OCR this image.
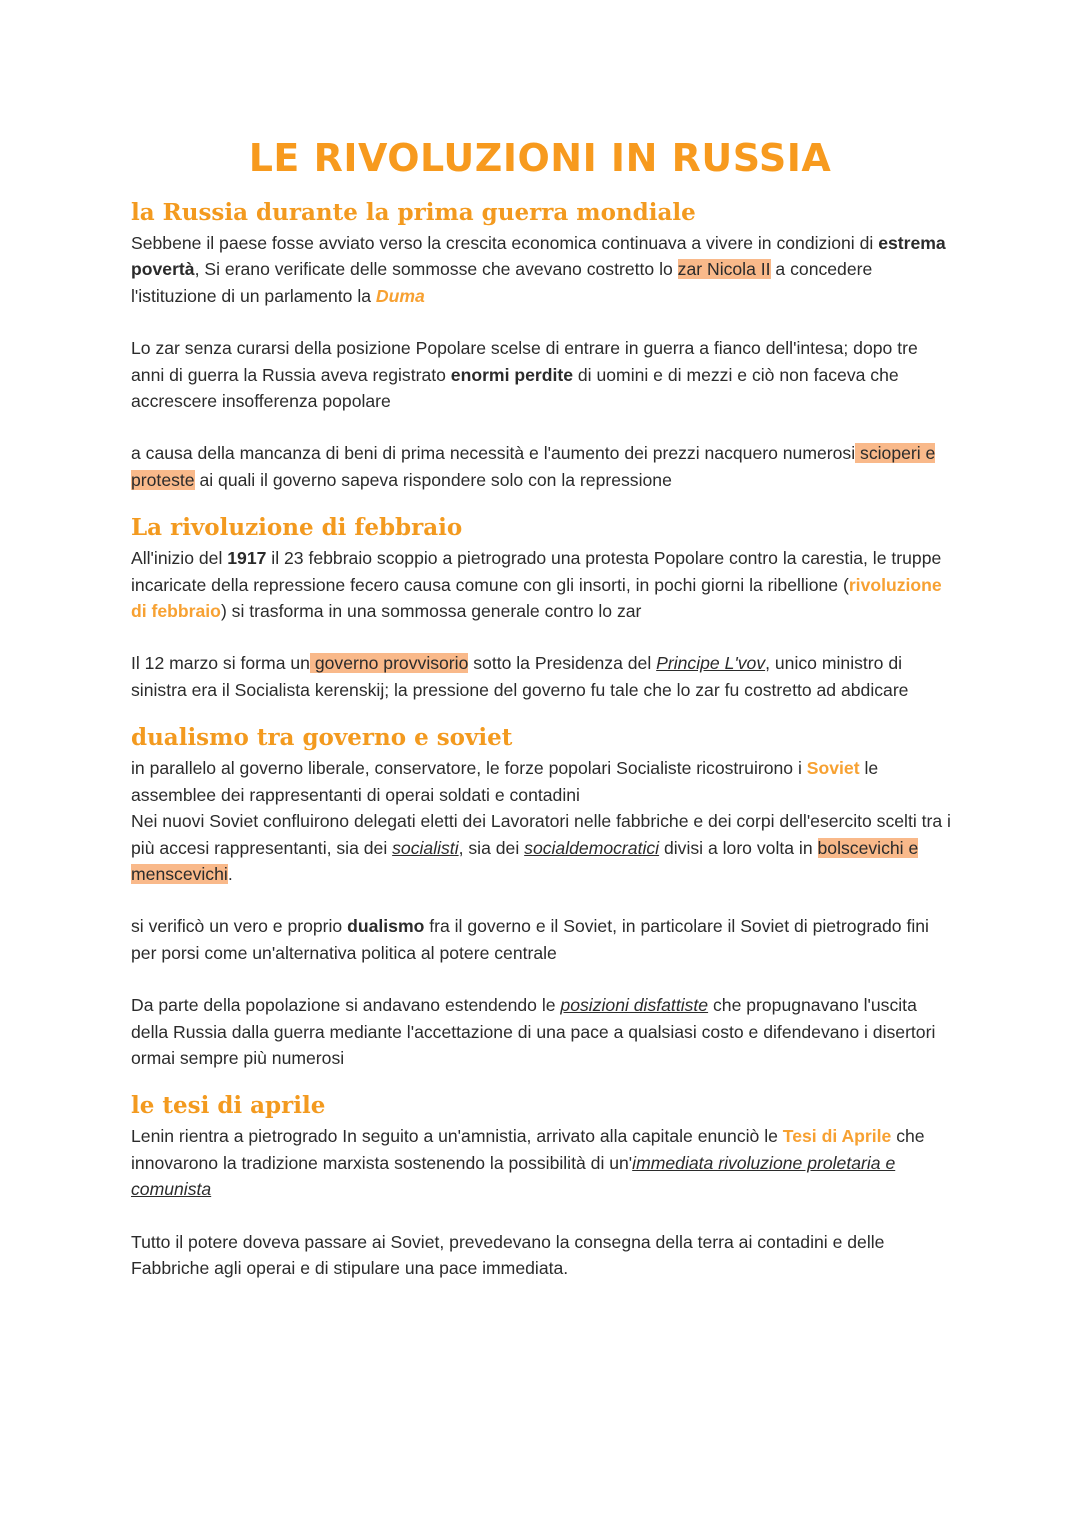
LE RIVOLUZIONI IN RUSSIA
la Russia durante la prima guerra mondiale

Sebbene il paese fosse avviato verso la crescita economica continuava a vivere in condizioni di estrema povertà, Si erano verificate delle sommosse che avevano costretto lo zar Nicola II a concedere l'istituzione di un parlamento la Duma

Lo zar senza curarsi della posizione Popolare scelse di entrare in guerra a fianco dell'intesa; dopo tre anni di guerra la Russia aveva registrato enormi perdite di uomini e di mezzi e ciò non faceva che accrescere insofferenza popolare

a causa della mancanza di beni di prima necessità e l'aumento dei prezzi nacquero numerosi scioperi e proteste ai quali il governo sapeva rispondere solo con la repressione

La rivoluzione di febbraio

All'inizio del 1917 il 23 febbraio scoppio a pietrogrado una protesta Popolare contro la carestia, le truppe incaricate della repressione fecero causa comune con gli insorti, in pochi giorni la ribellione (rivoluzione di febbraio) si trasforma in una sommossa generale contro lo zar

Il 12 marzo si forma un governo provvisorio sotto la Presidenza del Principe L'vov, unico ministro di sinistra era il Socialista kerenskij; la pressione del governo fu tale che lo zar fu costretto ad abdicare

dualismo tra governo e soviet

in parallelo al governo liberale, conservatore, le forze popolari Socialiste ricostruirono i Soviet le assemblee dei rappresentanti di operai soldati e contadini
Nei nuovi Soviet confluirono delegati eletti dei Lavoratori nelle fabbriche e dei corpi dell'esercito scelti tra i più accesi rappresentanti, sia dei socialisti, sia dei socialdemocratici divisi a loro volta in bolscevichi e menscevichi.

si verificò un vero e proprio dualismo fra il governo e il Soviet, in particolare il Soviet di pietrogrado fini per porsi come un'alternativa politica al potere centrale

Da parte della popolazione si andavano estendendo le posizioni disfattiste che propugnavano l'uscita della Russia dalla guerra mediante l'accettazione di una pace a qualsiasi costo e difendevano i disertori ormai sempre più numerosi

le tesi di aprile

Lenin rientra a pietrogrado In seguito a un'amnistia, arrivato alla capitale enunciò le Tesi di Aprile che innovarono la tradizione marxista sostenendo la possibilità di un'immediata rivoluzione proletaria e comunista

Tutto il potere doveva passare ai Soviet, prevedevano la consegna della terra ai contadini e delle Fabbriche agli operai e di stipulare una pace immediata.
